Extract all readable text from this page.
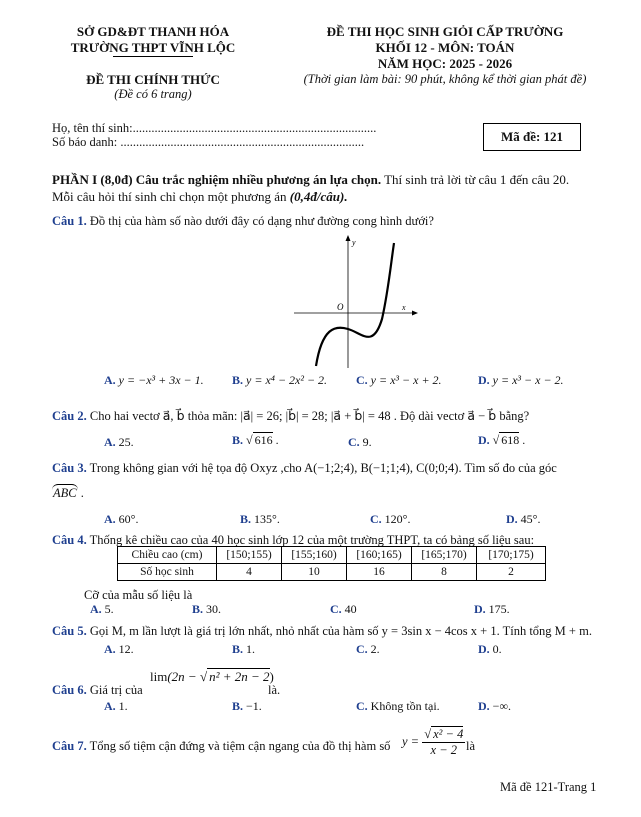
SỞ GD&ĐT THANH HÓA
TRƯỜNG THPT VĨNH LỘC
ĐỀ THI CHÍNH THỨC
(Đề có 6 trang)
ĐỀ THI HỌC SINH GIỎI CẤP TRƯỜNG
KHỐI 12 - MÔN: TOÁN
NĂM HỌC: 2025 - 2026
(Thời gian làm bài: 90 phút, không kể thời gian phát đề)
Họ, tên thí sinh:..............................................................................
Số báo danh: ..............................................................................	Mã đề: 121
PHẦN I (8,0đ) Câu trắc nghiệm nhiều phương án lựa chọn. Thí sinh trả lời từ câu 1 đến câu 20.
Mỗi câu hỏi thí sinh chỉ chọn một phương án (0,4đ/câu).
Câu 1. Đồ thị của hàm số nào dưới đây có dạng như đường cong hình dưới?
y
x
O
A. y = −x³ + 3x − 1. B. y = x⁴ − 2x² − 2. C. y = x³ − x + 2.	D. y = x³ − x − 2.
Câu 2. Cho hai vectơ a⃗, b⃗ thỏa mãn: |a⃗| = 26; |b⃗| = 28; |a⃗ + b⃗| = 48 . Độ dài vectơ a⃗ − b⃗ bằng?
A. 25.	B. √ 616 .	C. 9.	D. √ 618 .
Câu 3. Trong không gian với hệ tọa độ Oxyz ,cho A(−1;2;4), B(−1;1;4), C(0;0;4). Tìm số đo của góc
ABC .
A. 60°.	B. 135°.	C. 120°.	D. 45°.
Câu 4. Thống kê chiều cao của 40 học sinh lớp 12 của một trường THPT, ta có bảng số liệu sau:
Chiều cao (cm)	[150;155)	[155;160)	[160;165)	[165;170)	[170;175)
Số học sinh	4	10	16	8	2
Cỡ của mẫu số liệu là
A. 5.	B. 30.	C. 40	D. 175.
Câu 5. Gọi M, m lần lượt là giá trị lớn nhất, nhỏ nhất của hàm số y = 3sin x − 4cos x + 1. Tính tổng M + m.
A. 12.	B. 1.	C. 2.	D. 0.
Câu 6. Giá trị của
lim(2n − √ n² + 2n − 2)
là.
A. 1.	B. −1.	C. Không tồn tại.	D. −∞.
Câu 7. Tổng số tiệm cận đứng và tiệm cận ngang của đồ thị hàm số $y = \frac{\text{√ x² − 4}}{x - 2}$ là
Mã đề 121-Trang 1
